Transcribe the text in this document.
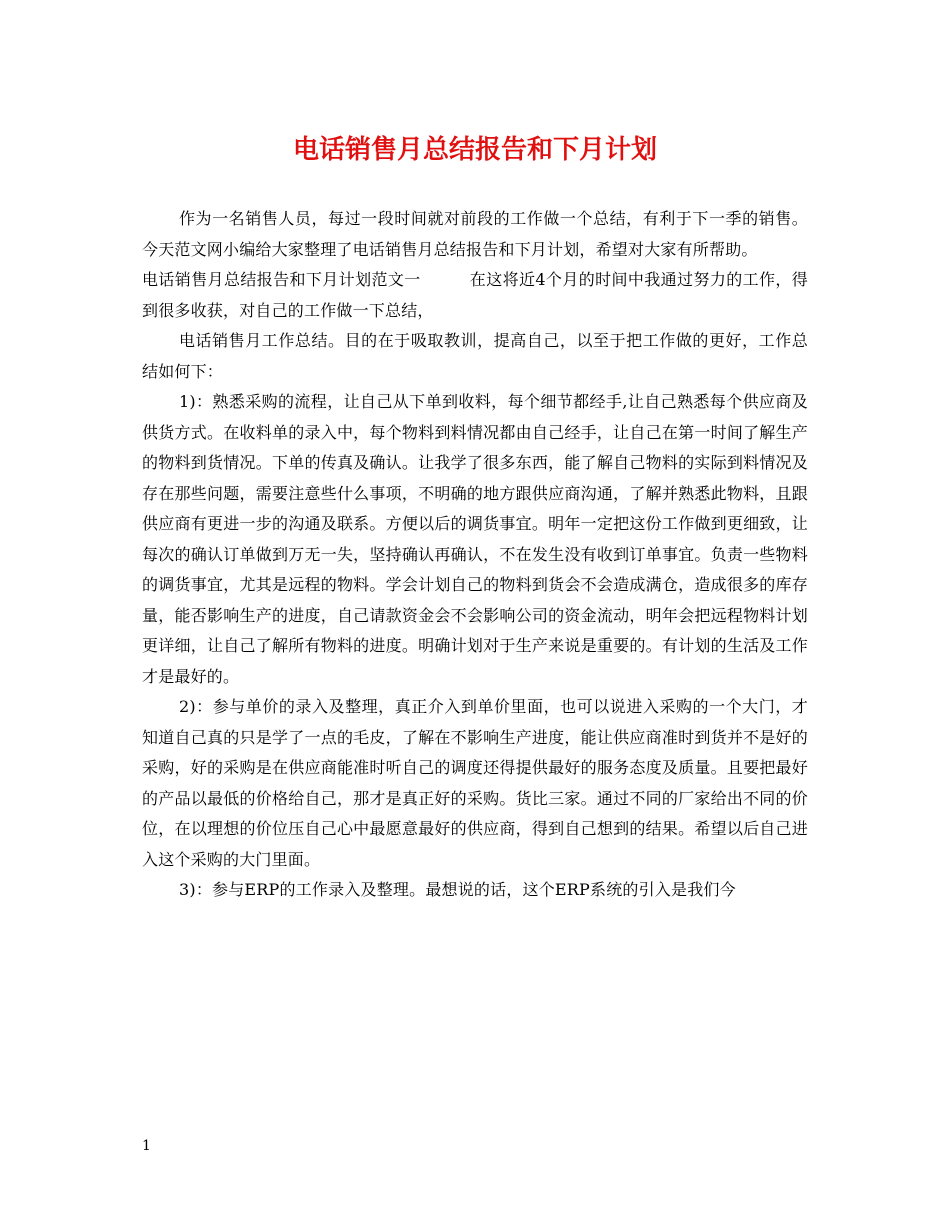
电话销售月总结报告和下月计划

作为一名销售人员，每过一段时间就对前段的工作做一个总结，有利于下一季的销售。今天范文网小编给大家整理了电话销售月总结报告和下月计划，希望对大家有所帮助。

电话销售月总结报告和下月计划范文一　　　在这将近4个月的时间中我通过努力的工作，得到很多收获，对自己的工作做一下总结，

电话销售月工作总结。目的在于吸取教训，提高自己，以至于把工作做的更好，工作总结如何下：

1)：熟悉采购的流程，让自己从下单到收料，每个细节都经手,让自己熟悉每个供应商及供货方式。在收料单的录入中，每个物料到料情况都由自己经手，让自己在第一时间了解生产的物料到货情况。下单的传真及确认。让我学了很多东西，能了解自己物料的实际到料情况及存在那些问题，需要注意些什么事项，不明确的地方跟供应商沟通，了解并熟悉此物料，且跟供应商有更进一步的沟通及联系。方便以后的调货事宜。明年一定把这份工作做到更细致，让每次的确认订单做到万无一失，坚持确认再确认，不在发生没有收到订单事宜。负责一些物料的调货事宜，尤其是远程的物料。学会计划自己的物料到货会不会造成满仓，造成很多的库存量，能否影响生产的进度，自己请款资金会不会影响公司的资金流动，明年会把远程物料计划更详细，让自己了解所有物料的进度。明确计划对于生产来说是重要的。有计划的生活及工作才是最好的。

2)：参与单价的录入及整理，真正介入到单价里面，也可以说进入采购的一个大门，才知道自己真的只是学了一点的毛皮，了解在不影响生产进度，能让供应商准时到货并不是好的采购，好的采购是在供应商能准时听自己的调度还得提供最好的服务态度及质量。且要把最好的产品以最低的价格给自己，那才是真正好的采购。货比三家。通过不同的厂家给出不同的价位，在以理想的价位压自己心中最愿意最好的供应商，得到自己想到的结果。希望以后自己进入这个采购的大门里面。

3)：参与ERP的工作录入及整理。最想说的话，这个ERP系统的引入是我们今

1
